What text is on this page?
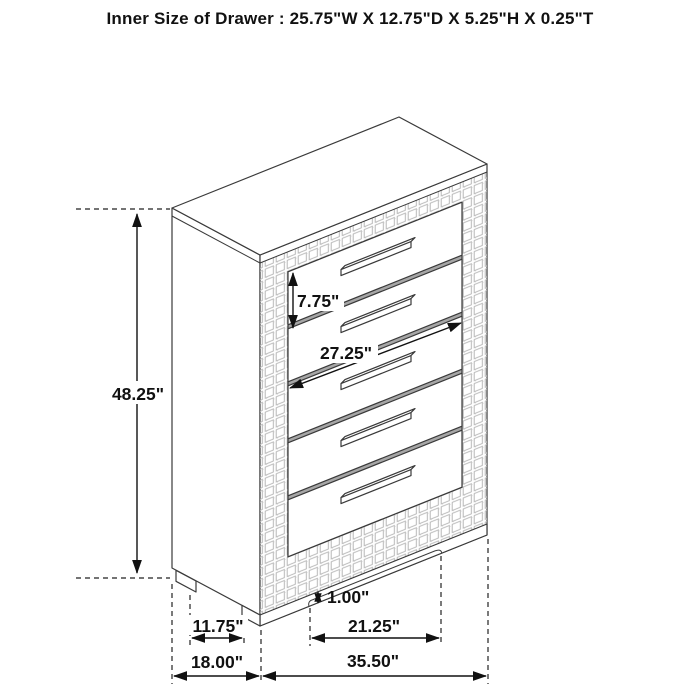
Inner Size of Drawer : 25.75"W X 12.75"D X 5.25"H X 0.25"T
48.25"
7.75"
27.25"
1.00"
11.75"	21.25"
18.00"	35.50"
